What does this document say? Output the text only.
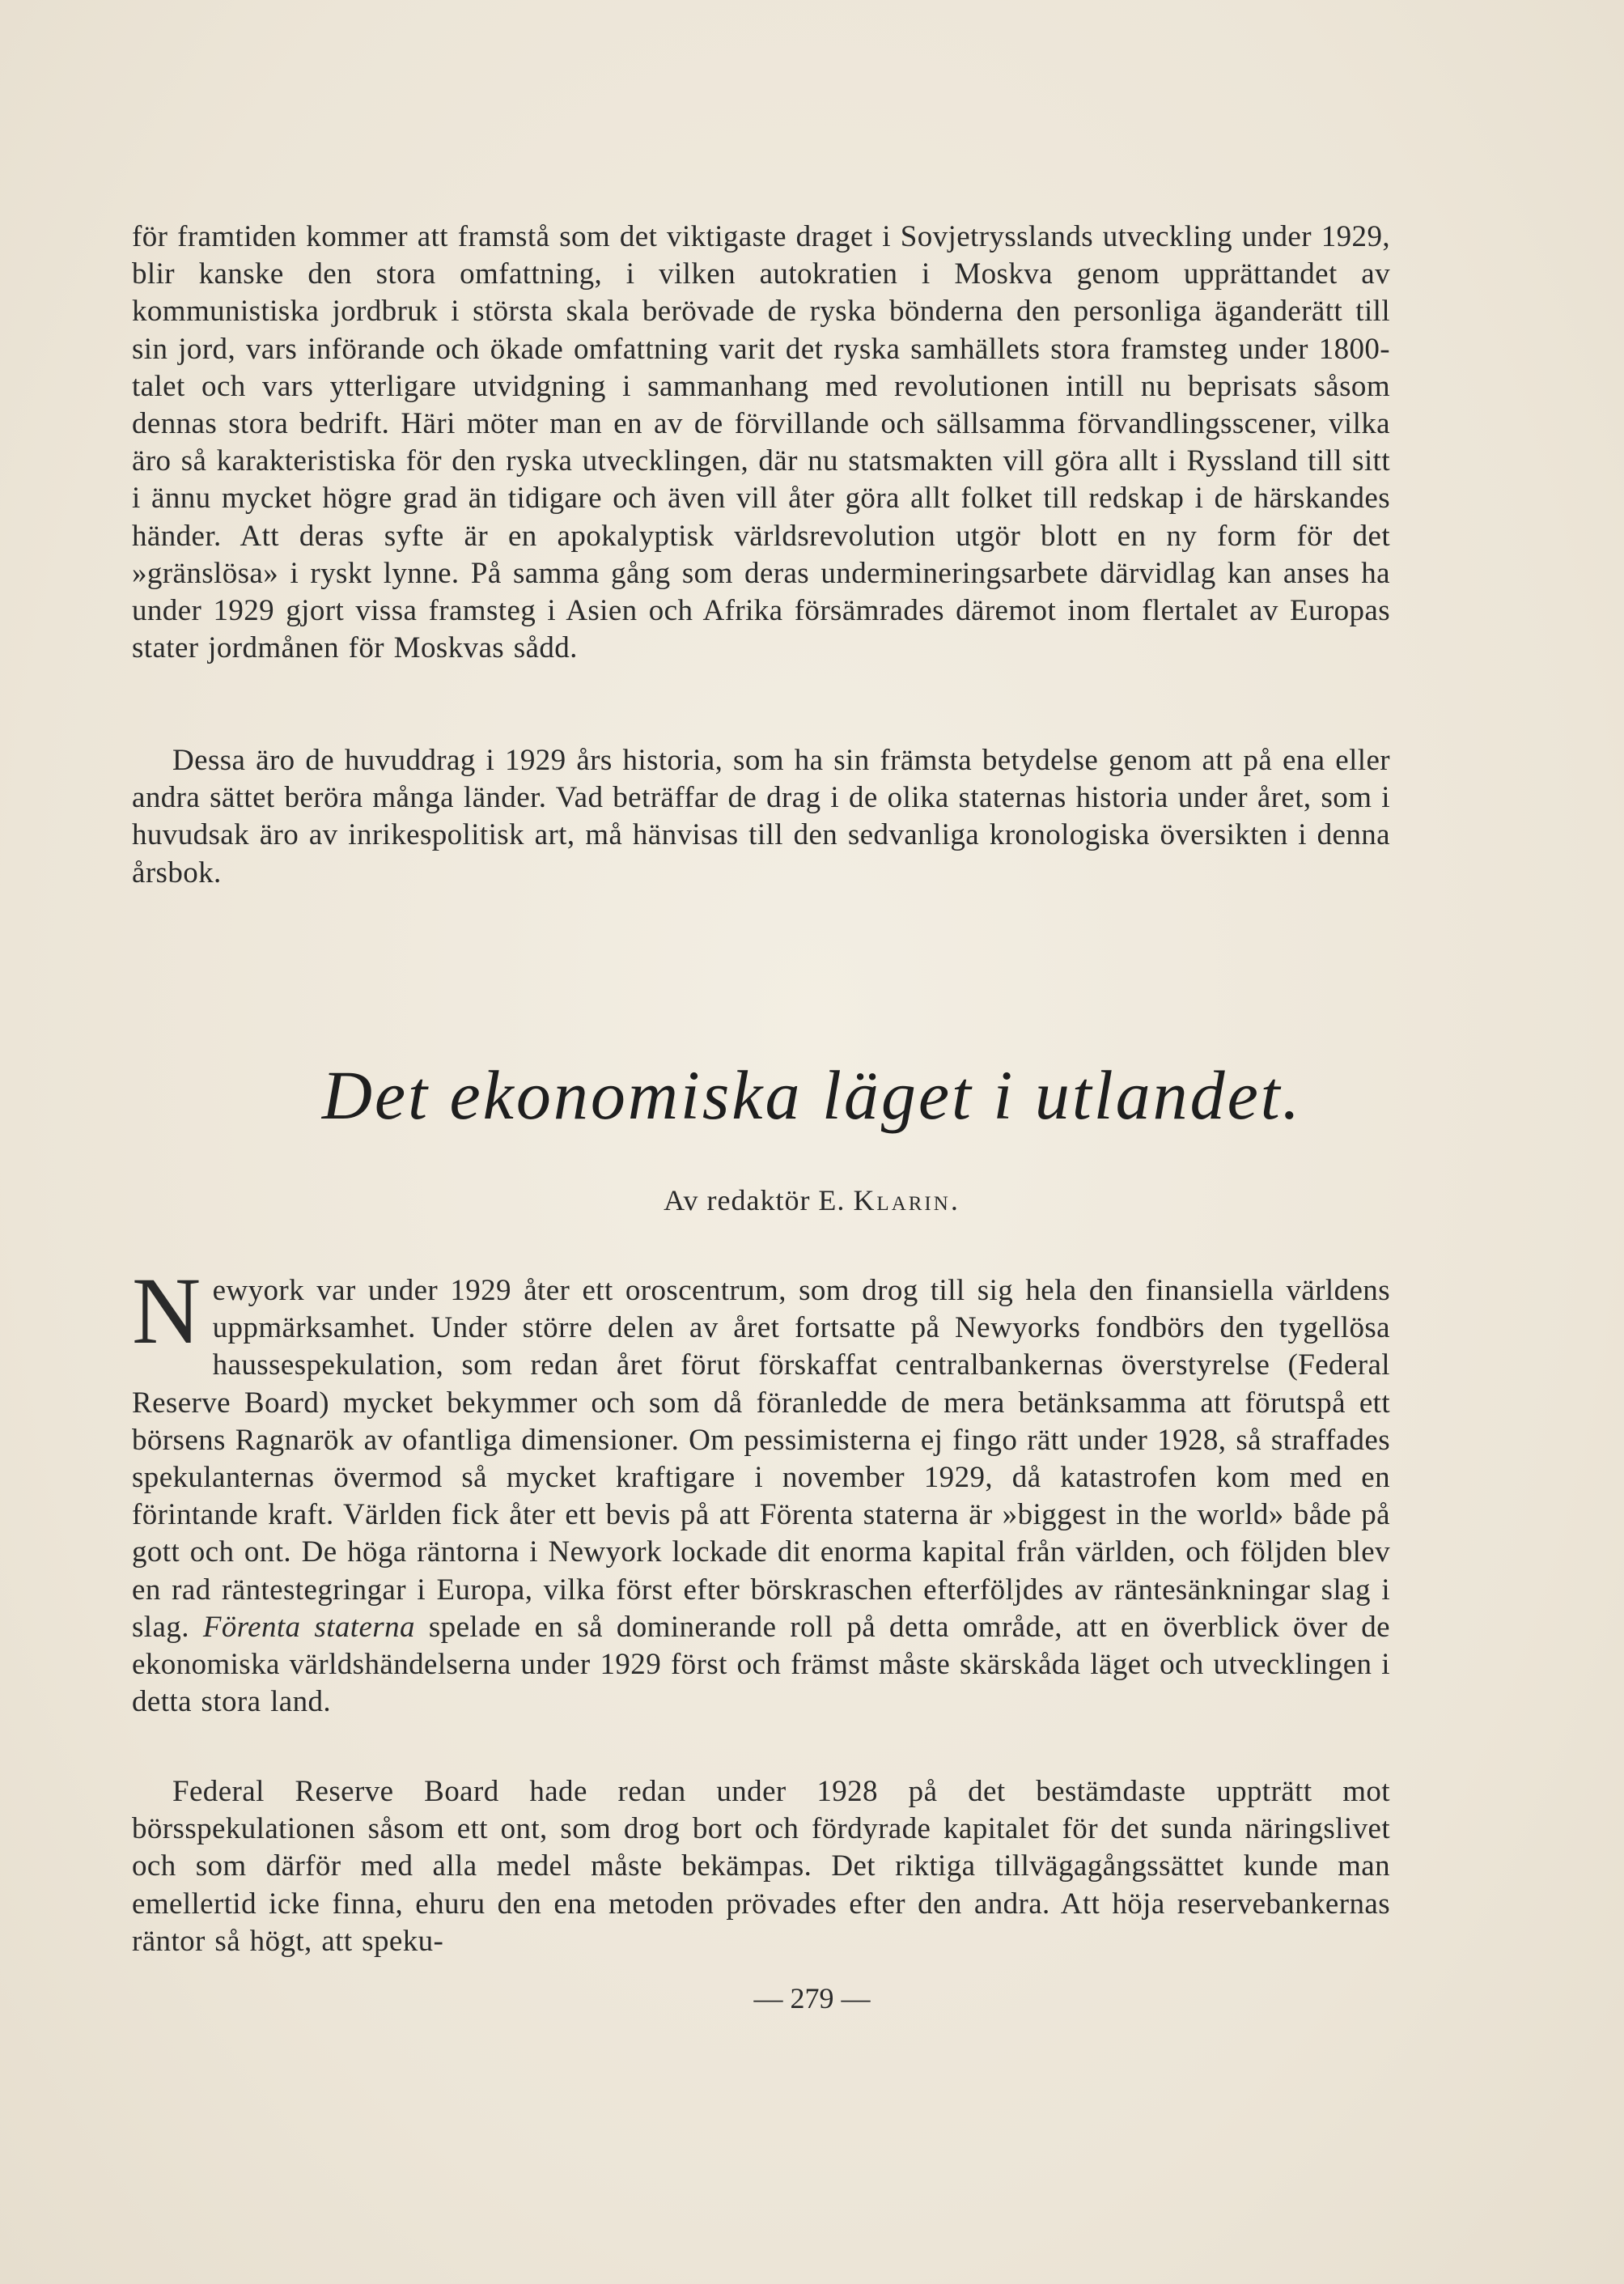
för framtiden kommer att framstå som det viktigaste draget i Sovjetrysslands utveckling under 1929, blir kanske den stora omfattning, i vilken autokratien i Moskva genom upprättandet av kommunistiska jordbruk i största skala berövade de ryska bönderna den personliga äganderätt till sin jord, vars införande och ökade omfattning varit det ryska samhällets stora framsteg under 1800-talet och vars ytterligare utvidgning i sammanhang med revolutionen intill nu beprisats såsom dennas stora bedrift. Häri möter man en av de förvillande och sällsamma förvandlingsscener, vilka äro så karakteristiska för den ryska utvecklingen, där nu statsmakten vill göra allt i Ryssland till sitt i ännu mycket högre grad än tidigare och även vill åter göra allt folket till redskap i de härskandes händer. Att deras syfte är en apokalyptisk världsrevolution utgör blott en ny form för det »gränslösa» i ryskt lynne. På samma gång som deras undermineringsarbete därvidlag kan anses ha under 1929 gjort vissa framsteg i Asien och Afrika försämrades däremot inom flertalet av Europas stater jordmånen för Moskvas sådd.

Dessa äro de huvuddrag i 1929 års historia, som ha sin främsta betydelse genom att på ena eller andra sättet beröra många länder. Vad beträffar de drag i de olika staternas historia under året, som i huvudsak äro av inrikespolitisk art, må hänvisas till den sedvanliga kronologiska översikten i denna årsbok.

Det ekonomiska läget i utlandet.

Av redaktör E. Klarin.

Newyork var under 1929 åter ett oroscentrum, som drog till sig hela den finansiella världens uppmärksamhet. Under större delen av året fortsatte på Newyorks fondbörs den tygellösa haussespekulation, som redan året förut förskaffat centralbankernas överstyrelse (Federal Reserve Board) mycket bekymmer och som då föranledde de mera betänksamma att förutspå ett börsens Ragnarök av ofantliga dimensioner. Om pessimisterna ej fingo rätt under 1928, så straffades spekulanternas övermod så mycket kraftigare i november 1929, då katastrofen kom med en förintande kraft. Världen fick åter ett bevis på att Förenta staterna är »biggest in the world» både på gott och ont. De höga räntorna i Newyork lockade dit enorma kapital från världen, och följden blev en rad räntestegringar i Europa, vilka först efter börskraschen efterföljdes av räntesänkningar slag i slag. Förenta staterna spelade en så dominerande roll på detta område, att en överblick över de ekonomiska världshändelserna under 1929 först och främst måste skärskåda läget och utvecklingen i detta stora land.

Federal Reserve Board hade redan under 1928 på det bestämdaste uppträtt mot börsspekulationen såsom ett ont, som drog bort och fördyrade kapitalet för det sunda näringslivet och som därför med alla medel måste bekämpas. Det riktiga tillvägagångssättet kunde man emellertid icke finna, ehuru den ena metoden prövades efter den andra. Att höja reservebankernas räntor så högt, att speku-

— 279 —
